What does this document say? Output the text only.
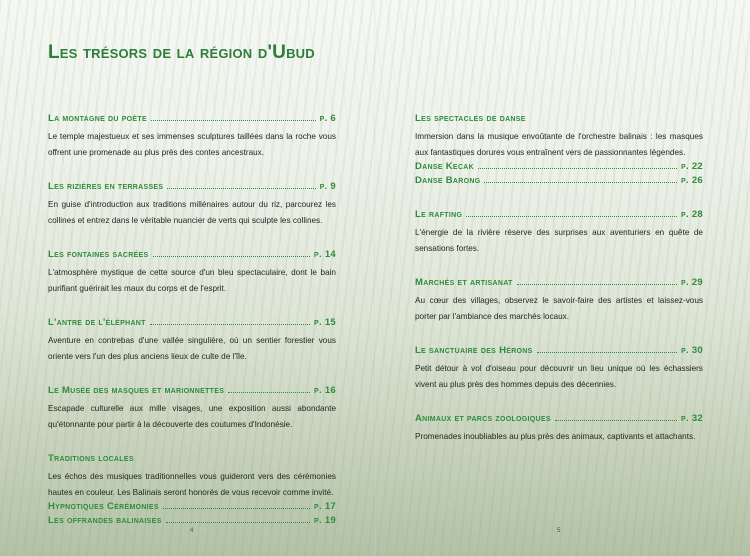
Les trésors de la région d'Ubud
La montagne du poète	p. 6

Le temple majestueux et ses immenses sculptures taillées dans la roche vous offrent une promenade au plus près des contes ancestraux.

Les rizières en terrasses	p. 9

En guise d'introduction aux traditions millénaires autour du riz, parcourez les collines et entrez dans le véritable nuancier de verts qui sculpte les collines.

Les fontaines sacrées	p. 14

L'atmosphère mystique de cette source d'un bleu spectaculaire, dont le bain purifiant guérirait les maux du corps et de l'esprit.

L'antre de l'éléphant	p. 15

Aventure en contrebas d'une vallée singulière, où un sentier forestier vous oriente vers l'un des plus anciens lieux de culte de l'île.

Le Musée des masques et marionnettes	p. 16

Escapade culturelle aux mille visages, une exposition aussi abondante qu'étonnante pour partir à la découverte des coutumes d'Indonésie.

Traditions locales

Les échos des musiques traditionnelles vous guideront vers des cérémonies hautes en couleur. Les Balinais seront honorés de vous recevoir comme invité.

Hypnotiques Cérémonies	p. 17
Les offrandes balinaises	p. 19
Les spectacles de danse

Immersion dans la musique envoûtante de l'orchestre balinais : les masques aux fantastiques dorures vous entraînent vers de passionnantes légendes.

Danse Kecak	p. 22
Danse Barong	p. 26
Le rafting	p. 28

L'énergie de la rivière réserve des surprises aux aventuriers en quête de sensations fortes.

Marchés et artisanat	p. 29

Au cœur des villages, observez le savoir-faire des artistes et laissez-vous porter par l'ambiance des marchés locaux.

Le sanctuaire des Hérons	p. 30

Petit détour à vol d'oiseau pour découvrir un lieu unique où les échassiers vivent au plus près des hommes depuis des décennies.

Animaux et parcs zoologiques	p. 32

Promenades inoubliables au plus près des animaux, captivants et attachants.

4	5
